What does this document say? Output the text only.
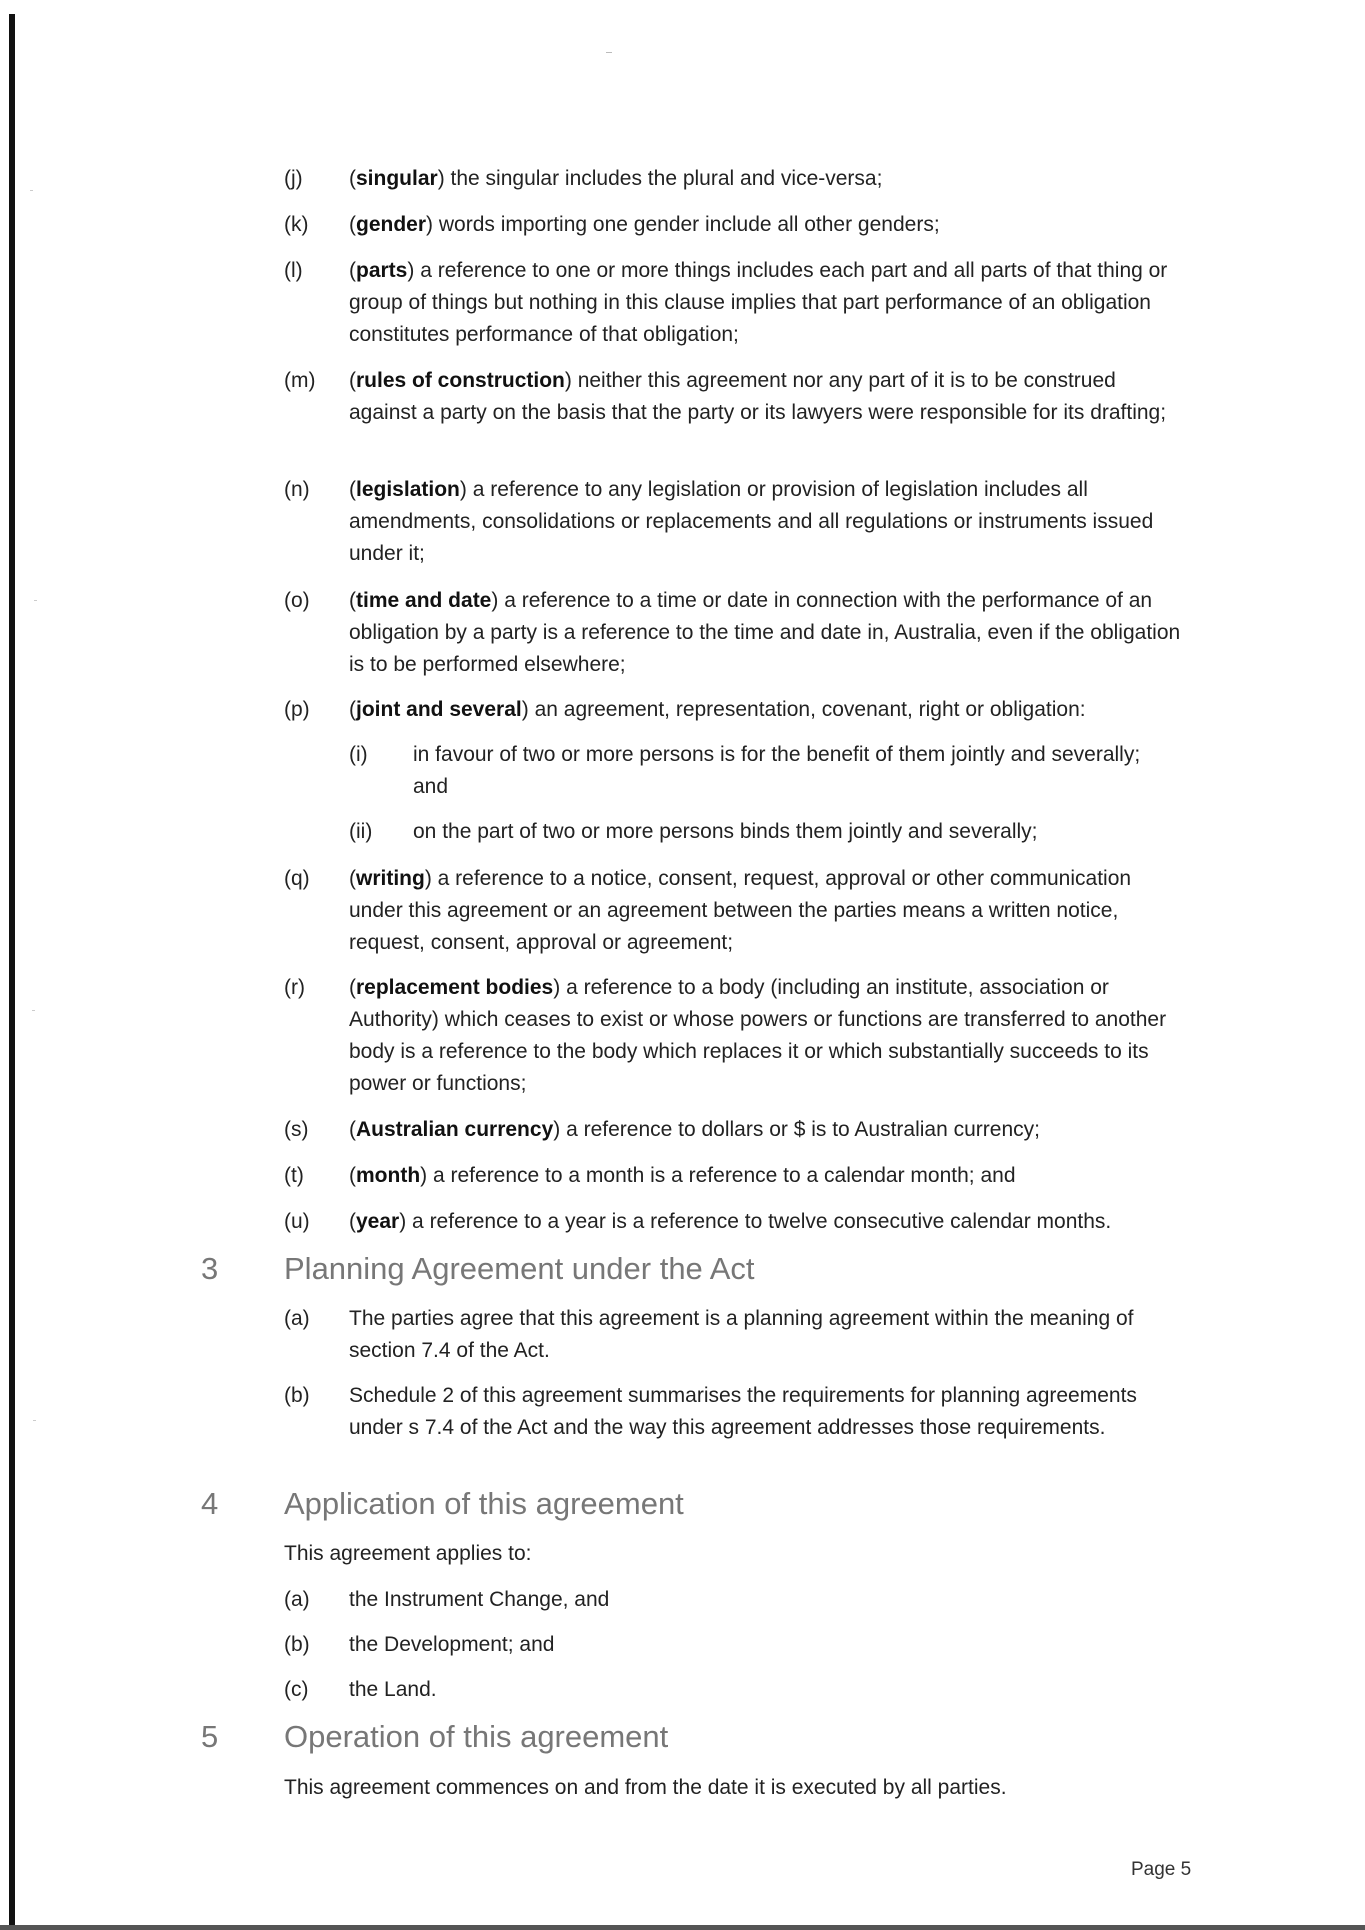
(j) (singular) the singular includes the plural and vice-versa;
(k) (gender) words importing one gender include all other genders;
(l) (parts) a reference to one or more things includes each part and all parts of that thing or group of things but nothing in this clause implies that part performance of an obligation constitutes performance of that obligation;
(m) (rules of construction) neither this agreement nor any part of it is to be construed against a party on the basis that the party or its lawyers were responsible for its drafting;
(n) (legislation) a reference to any legislation or provision of legislation includes all amendments, consolidations or replacements and all regulations or instruments issued under it;
(o) (time and date) a reference to a time or date in connection with the performance of an obligation by a party is a reference to the time and date in, Australia, even if the obligation is to be performed elsewhere;
(p) (joint and several) an agreement, representation, covenant, right or obligation:
(i) in favour of two or more persons is for the benefit of them jointly and severally; and
(ii) on the part of two or more persons binds them jointly and severally;
(q) (writing) a reference to a notice, consent, request, approval or other communication under this agreement or an agreement between the parties means a written notice, request, consent, approval or agreement;
(r) (replacement bodies) a reference to a body (including an institute, association or Authority) which ceases to exist or whose powers or functions are transferred to another body is a reference to the body which replaces it or which substantially succeeds to its power or functions;
(s) (Australian currency) a reference to dollars or $ is to Australian currency;
(t) (month) a reference to a month is a reference to a calendar month; and
(u) (year) a reference to a year is a reference to twelve consecutive calendar months.
3 Planning Agreement under the Act
(a) The parties agree that this agreement is a planning agreement within the meaning of section 7.4 of the Act.
(b) Schedule 2 of this agreement summarises the requirements for planning agreements under s 7.4 of the Act and the way this agreement addresses those requirements.
4 Application of this agreement
This agreement applies to:
(a) the Instrument Change, and
(b) the Development; and
(c) the Land.
5 Operation of this agreement
This agreement commences on and from the date it is executed by all parties.
Page 5
